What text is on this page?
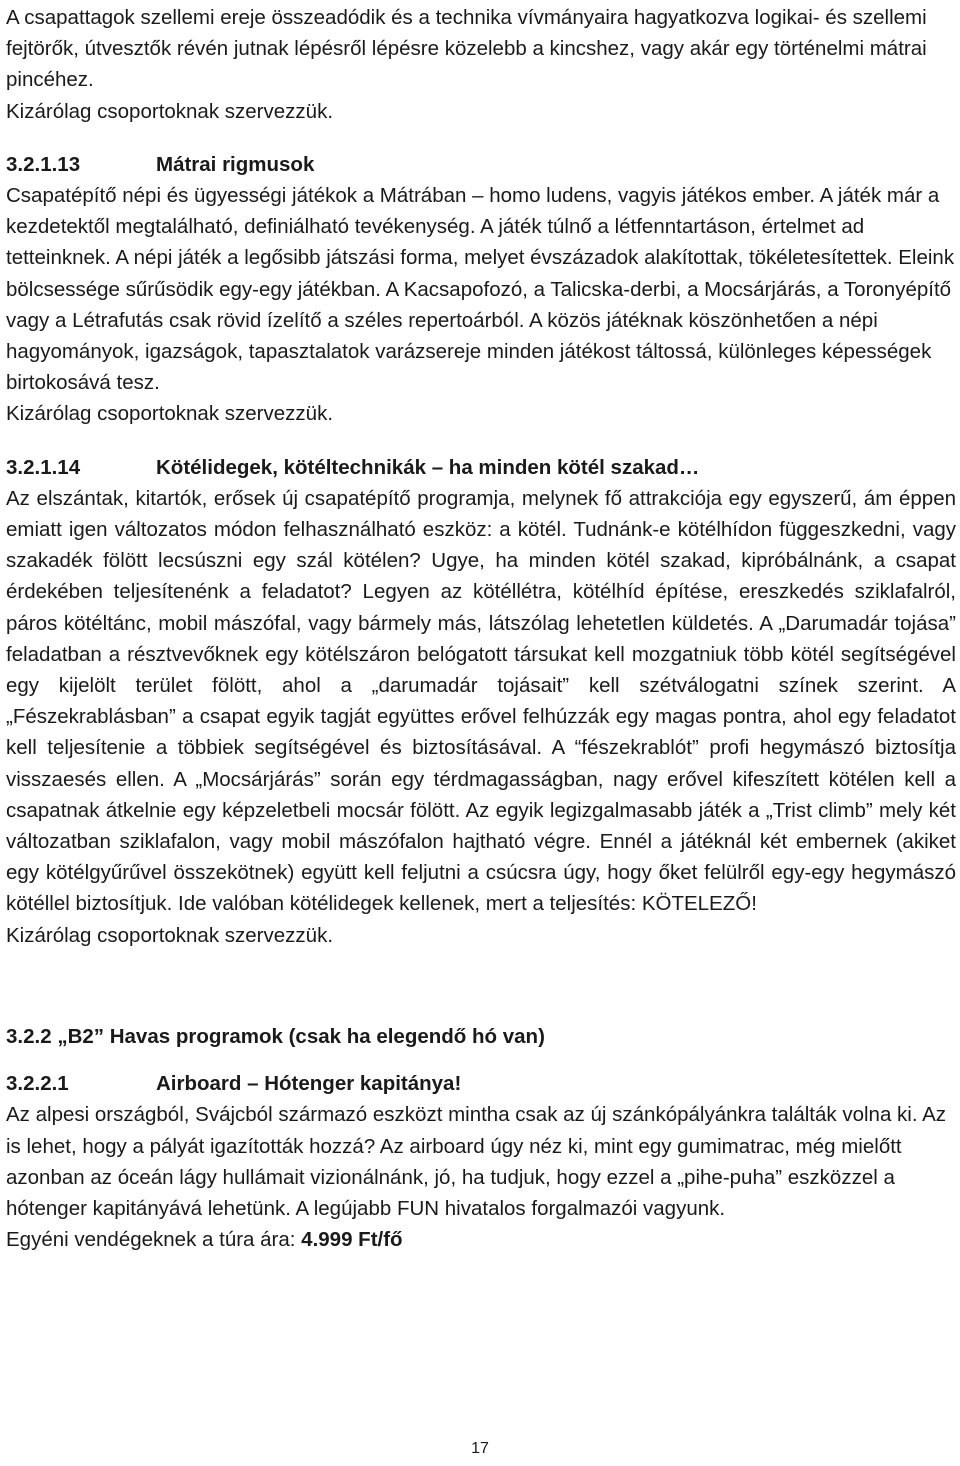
A csapattagok szellemi ereje összeadódik és a technika vívmányaira hagyatkozva logikai- és szellemi fejtörők, útvesztők révén jutnak lépésről lépésre közelebb a kincshez, vagy akár egy történelmi mátrai pincéhez.

Kizárólag csoportoknak szervezzük.

3.2.1.13	Mátrai rigmusok

Csapatépítő népi és ügyességi játékok a Mátrában – homo ludens, vagyis játékos ember. A játék már a kezdetektől megtalálható, definiálható tevékenység. A játék túlnő a létfenntartáson, értelmet ad tetteinknek. A népi játék a legősibb játszási forma, melyet évszázadok alakítottak, tökéletesítettek. Eleink bölcsessége sűrűsödik egy-egy játékban. A Kacsapofozó, a Talicska-derbi, a Mocsárjárás, a Toronyépítő vagy a Létrafutás csak rövid ízelítő a széles repertoárból. A közös játéknak köszönhetően a népi hagyományok, igazságok, tapasztalatok varázsereje minden játékost táltossá, különleges képességek birtokosává tesz.

Kizárólag csoportoknak szervezzük.

3.2.1.14	Kötélidegek, kötéltechnikák – ha minden kötél szakad…

Az elszántak, kitartók, erősek új csapatépítő programja, melynek fő attrakciója egy egyszerű, ám éppen emiatt igen változatos módon felhasználható eszköz: a kötél. Tudnánk-e kötélhídon függeszkedni, vagy szakadék fölött lecsúszni egy szál kötélen? Ugye, ha minden kötél szakad, kipróbálnánk, a csapat érdekében teljesítenénk a feladatot? Legyen az kötéllétra, kötélhíd építése, ereszkedés sziklafalról, páros kötéltánc, mobil mászófal, vagy bármely más, látszólag lehetetlen küldetés. A „Darumadár tojása” feladatban a résztvevőknek egy kötélszáron belógatott társukat kell mozgatniuk több kötél segítségével egy kijelölt terület fölött, ahol a „darumadár tojásait” kell szétválogatni színek szerint. A „Fészekrablásban” a csapat egyik tagját együttes erővel felhúzzák egy magas pontra, ahol egy feladatot kell teljesítenie a többiek segítségével és biztosításával. A “fészekrablót” profi hegymászó biztosítja visszaesés ellen. A „Mocsárjárás” során egy térdmagasságban, nagy erővel kifeszített kötélen kell a csapatnak átkelnie egy képzeletbeli mocsár fölött. Az egyik legizgalmasabb játék a „Trist climb” mely két változatban sziklafalon, vagy mobil mászófalon hajtható végre. Ennél a játéknál két embernek (akiket egy kötélgyűrűvel összekötnek) együtt kell feljutni a csúcsra úgy, hogy őket felülről egy-egy hegymászó kötéllel biztosítjuk. Ide valóban kötélidegek kellenek, mert a teljesítés: KÖTELEZŐ!

Kizárólag csoportoknak szervezzük.

3.2.2 „B2” Havas programok (csak ha elegendő hó van)

3.2.2.1	Airboard – Hótenger kapitánya!

Az alpesi országból, Svájcból származó eszközt mintha csak az új szánkópályánkra találták volna ki. Az is lehet, hogy a pályát igazították hozzá? Az airboard úgy néz ki, mint egy gumimatrac, még mielőtt azonban az óceán lágy hullámait vizionálnánk, jó, ha tudjuk, hogy ezzel a „pihe-puha” eszközzel a hótenger kapitányává lehetünk. A legújabb FUN hivatalos forgalmazói vagyunk.

Egyéni vendégeknek a túra ára: 4.999 Ft/fő

17
